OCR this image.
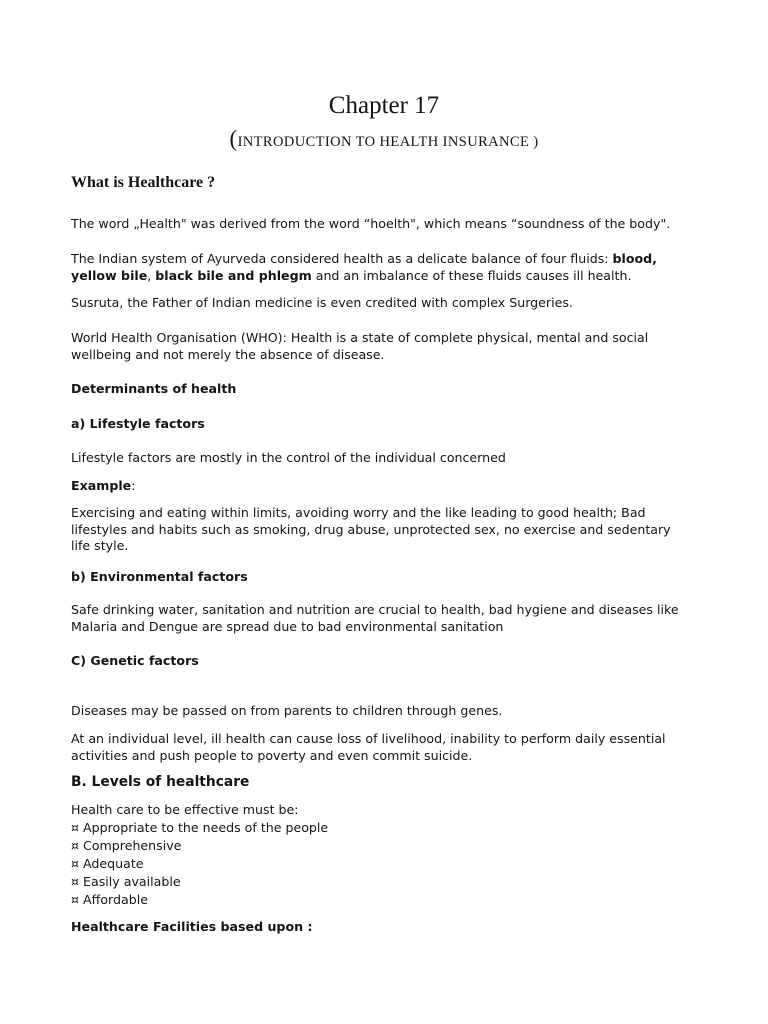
Chapter 17
(INTRODUCTION TO HEALTH INSURANCE )
What is Healthcare ?

The word „Health" was derived from the word “hoelth", which means “soundness of the body".

The Indian system of Ayurveda considered health as a delicate balance of four fluids: blood, yellow bile, black bile and phlegm and an imbalance of these fluids causes ill health.

Susruta, the Father of Indian medicine is even credited with complex Surgeries.

World Health Organisation (WHO): Health is a state of complete physical, mental and social wellbeing and not merely the absence of disease.

Determinants of health
a) Lifestyle factors

Lifestyle factors are mostly in the control of the individual concerned

Example:

Exercising and eating within limits, avoiding worry and the like leading to good health; Bad lifestyles and habits such as smoking, drug abuse, unprotected sex, no exercise and sedentary life style.

b) Environmental factors

Safe drinking water, sanitation and nutrition are crucial to health, bad hygiene and diseases like Malaria and Dengue are spread due to bad environmental sanitation

C) Genetic factors

Diseases may be passed on from parents to children through genes.

At an individual level, ill health can cause loss of livelihood, inability to perform daily essential activities and push people to poverty and even commit suicide.

B. Levels of healthcare

Health care to be effective must be:

¤ Appropriate to the needs of the people
¤ Comprehensive
¤ Adequate
¤ Easily available
¤ Affordable
Healthcare Facilities based upon :
